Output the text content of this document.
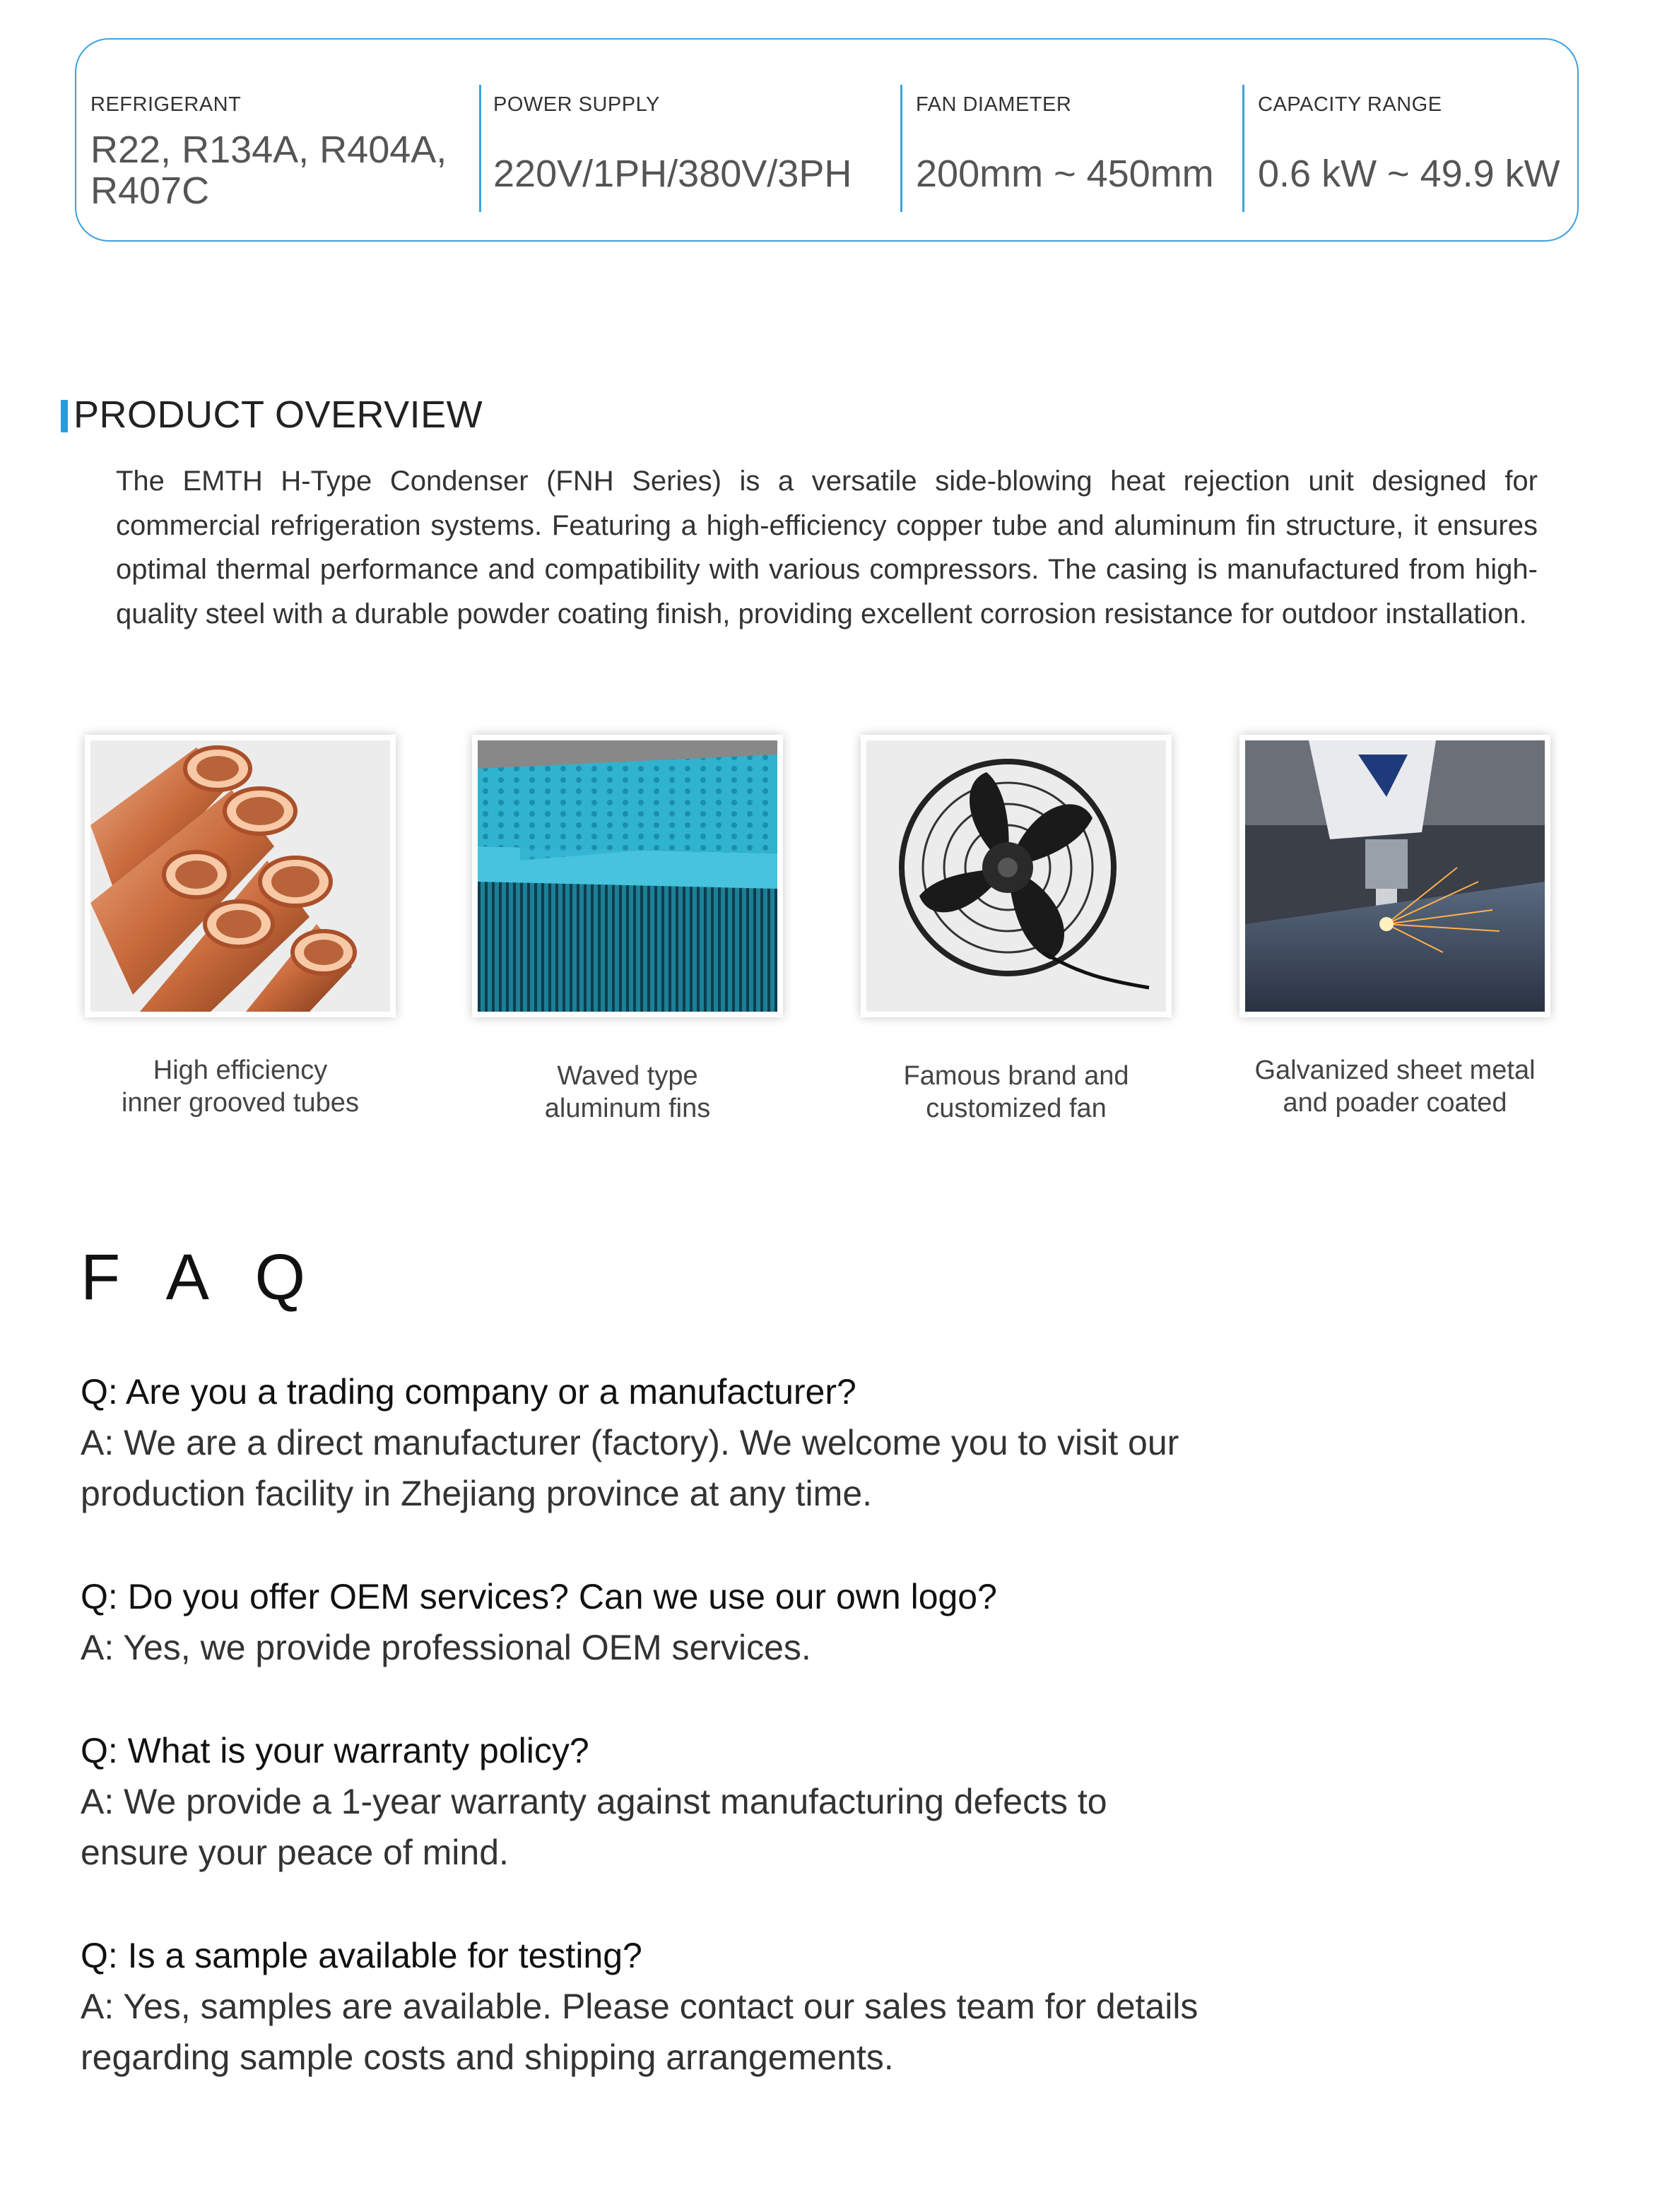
REFRIGERANT
R22, R134A, R404A, R407C
POWER SUPPLY
220V/1PH/380V/3PH
FAN DIAMETER
200mm ~ 450mm
CAPACITY RANGE
0.6 kW ~ 49.9 kW
PRODUCT OVERVIEW

The EMTH H-Type Condenser (FNH Series) is a versatile side-blowing heat rejection unit designed for commercial refrigeration systems. Featuring a high-efficiency copper tube and aluminum fin structure, it ensures optimal thermal performance and compatibility with various compressors. The casing is manufactured from high-quality steel with a durable powder coating finish, providing excellent corrosion resistance for outdoor installation.

High efficiency
inner grooved tubes
Waved type
aluminum fins
Famous brand and
customized fan
Galvanized sheet metal
and poader coated
F A Q
Q: Are you a trading company or a manufacturer?
A: We are a direct manufacturer (factory). We welcome you to visit our
production facility in Zhejiang province at any time.
Q: Do you offer OEM services? Can we use our own logo?
A: Yes, we provide professional OEM services.
Q: What is your warranty policy?
A: We provide a 1-year warranty against manufacturing defects to
ensure your peace of mind.
Q: Is a sample available for testing?
A: Yes, samples are available. Please contact our sales team for details
regarding sample costs and shipping arrangements.
